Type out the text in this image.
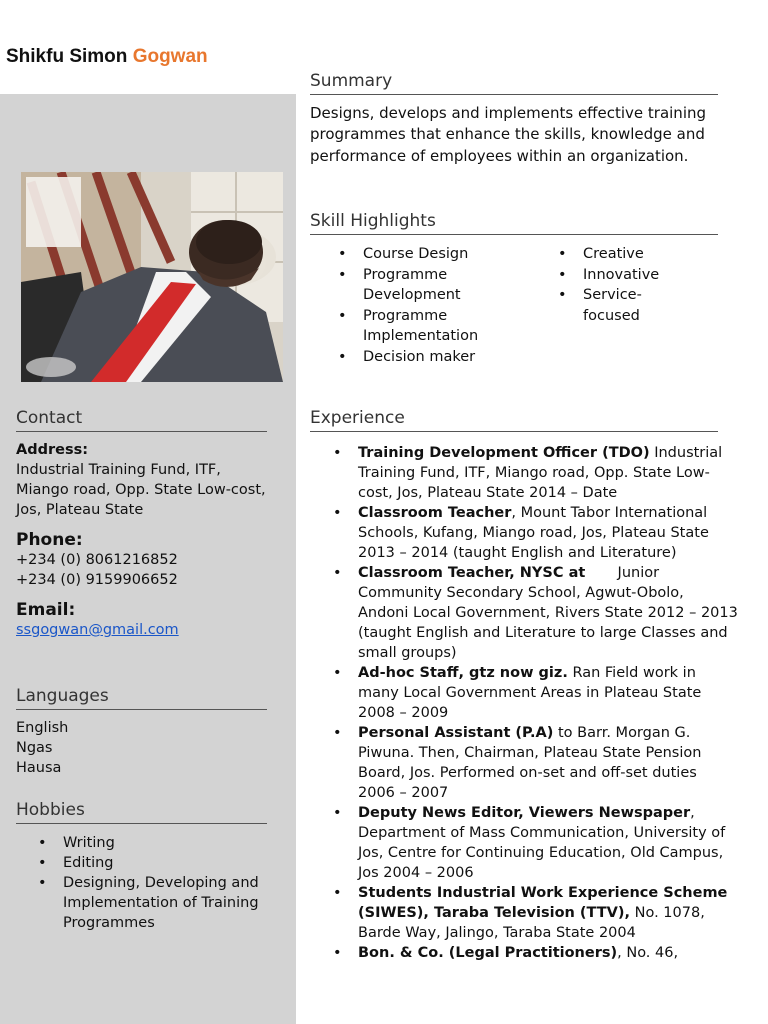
Shikfu Simon Gogwan
Summary
Designs, develops and implements effective training programmes that enhance the skills, knowledge and performance of employees within an organization.
Skill Highlights
• Course Design
• Programme Development
• Programme Implementation
• Decision maker
• Creative
• Innovative
• Service-focused
Contact
Address:
Industrial Training Fund, ITF, Miango road, Opp. State Low-cost, Jos, Plateau State
Phone:
+234 (0) 8061216852
+234 (0) 9159906652
Email:
ssgogwan@gmail.com
Languages
English
Ngas
Hausa
Hobbies
• Writing
• Editing
• Designing, Developing and Implementation of Training Programmes
Experience
• Training Development Officer (TDO) Industrial Training Fund, ITF, Miango road, Opp. State Low-cost, Jos, Plateau State 2014 – Date
• Classroom Teacher, Mount Tabor International Schools, Kufang, Miango road, Jos, Plateau State 2013 – 2014 (taught English and Literature)
• Classroom Teacher, NYSC at       Junior Community Secondary School, Agwut-Obolo, Andoni Local Government, Rivers State 2012 – 2013 (taught English and Literature to large Classes and small groups)
• Ad-hoc Staff, gtz now giz. Ran Field work in many Local Government Areas in Plateau State 2008 – 2009
• Personal Assistant (P.A) to Barr. Morgan G. Piwuna. Then, Chairman, Plateau State Pension Board, Jos. Performed on-set and off-set duties 2006 – 2007
• Deputy News Editor, Viewers Newspaper, Department of Mass Communication, University of Jos, Centre for Continuing Education, Old Campus, Jos 2004 – 2006
• Students Industrial Work Experience Scheme (SIWES), Taraba Television (TTV), No. 1078, Barde Way, Jalingo, Taraba State 2004
• Bon. & Co. (Legal Practitioners), No. 46,
